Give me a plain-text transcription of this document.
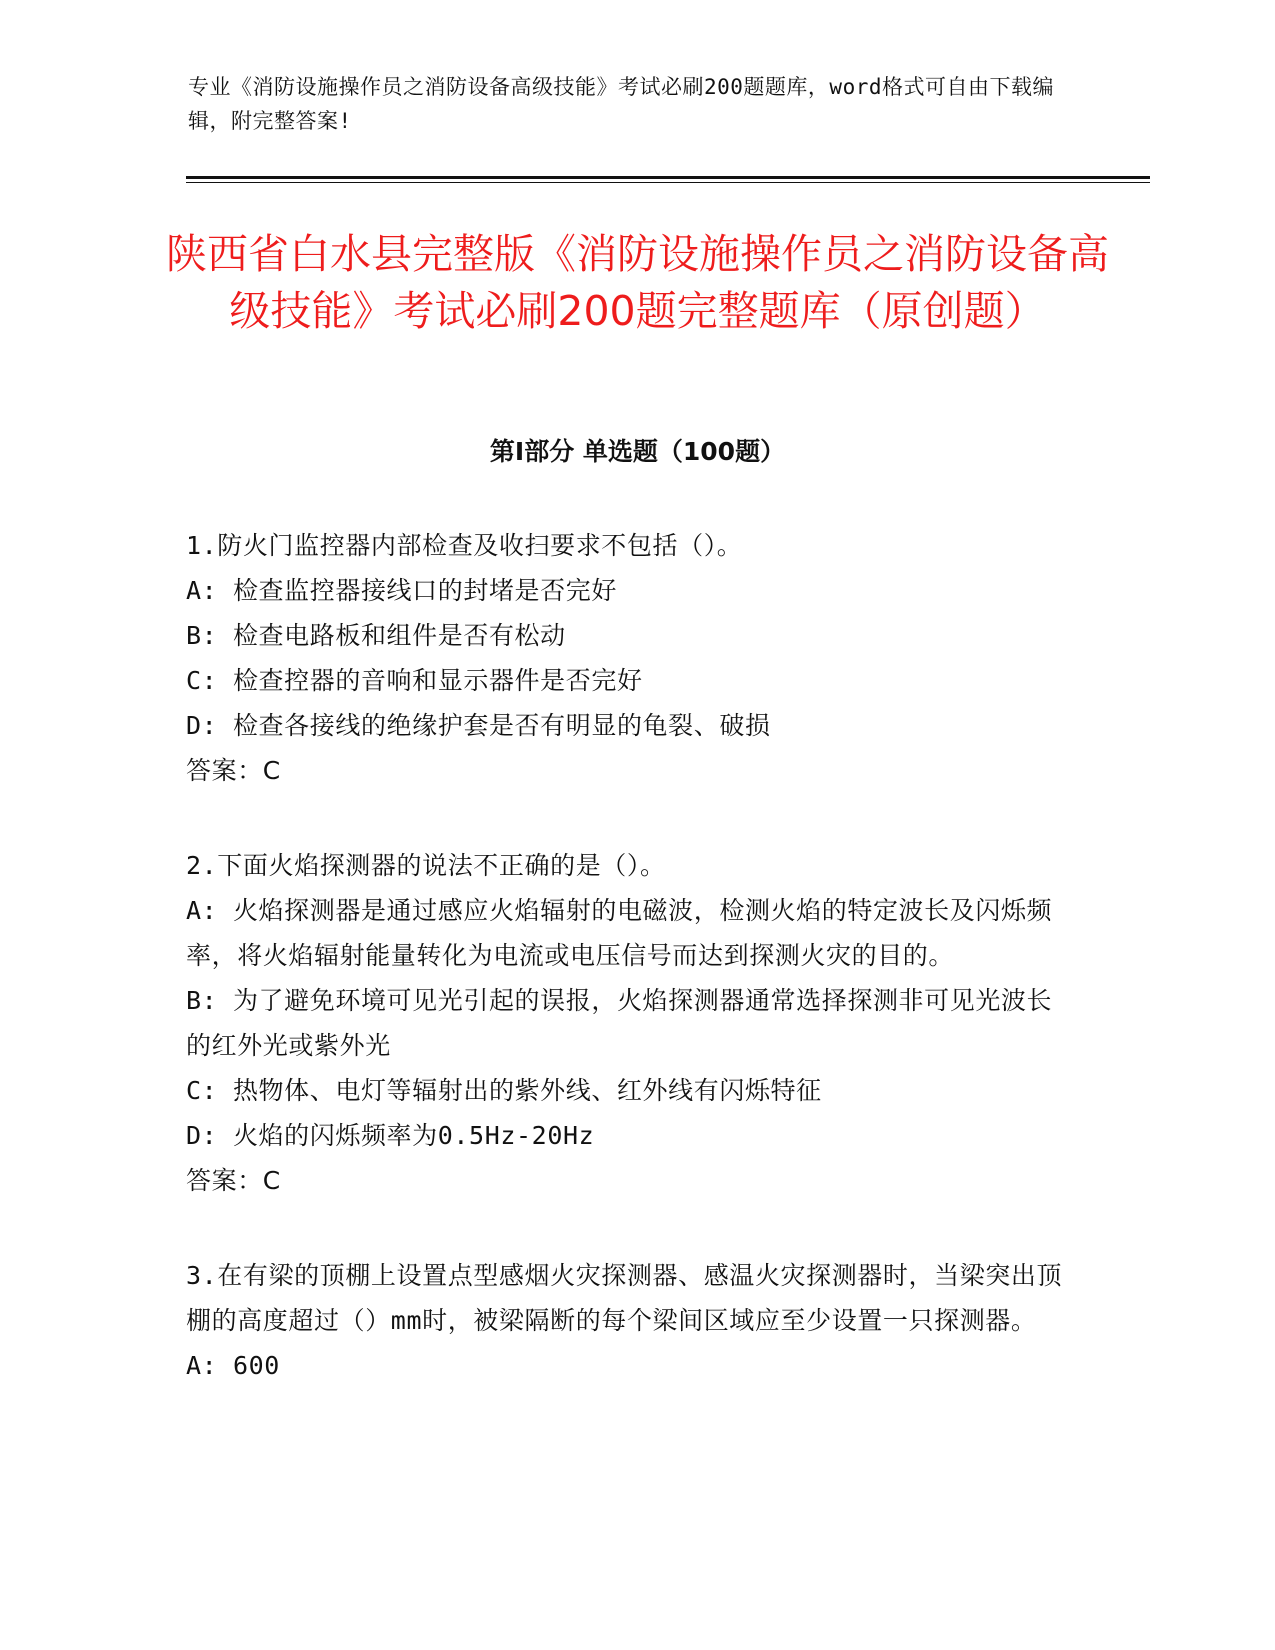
专业《消防设施操作员之消防设备高级技能》考试必刷200题题库，word格式可自由下载编辑，附完整答案!
陕西省白水县完整版《消防设施操作员之消防设备高级技能》考试必刷200题完整题库（原创题）
第I部分 单选题（100题）
1.防火门监控器内部检查及收扫要求不包括（）。
A: 检查监控器接线口的封堵是否完好
B: 检查电路板和组件是否有松动
C: 检查控器的音响和显示器件是否完好
D: 检查各接线的绝缘护套是否有明显的龟裂、破损
答案：C
2.下面火焰探测器的说法不正确的是（）。
A: 火焰探测器是通过感应火焰辐射的电磁波，检测火焰的特定波长及闪烁频率，将火焰辐射能量转化为电流或电压信号而达到探测火灾的目的。
B: 为了避免环境可见光引起的误报，火焰探测器通常选择探测非可见光波长的红外光或紫外光
C: 热物体、电灯等辐射出的紫外线、红外线有闪烁特征
D: 火焰的闪烁频率为0.5Hz-20Hz
答案：C
3.在有梁的顶棚上设置点型感烟火灾探测器、感温火灾探测器时，当梁突出顶棚的高度超过（）mm时，被梁隔断的每个梁间区域应至少设置一只探测器。
A: 600
